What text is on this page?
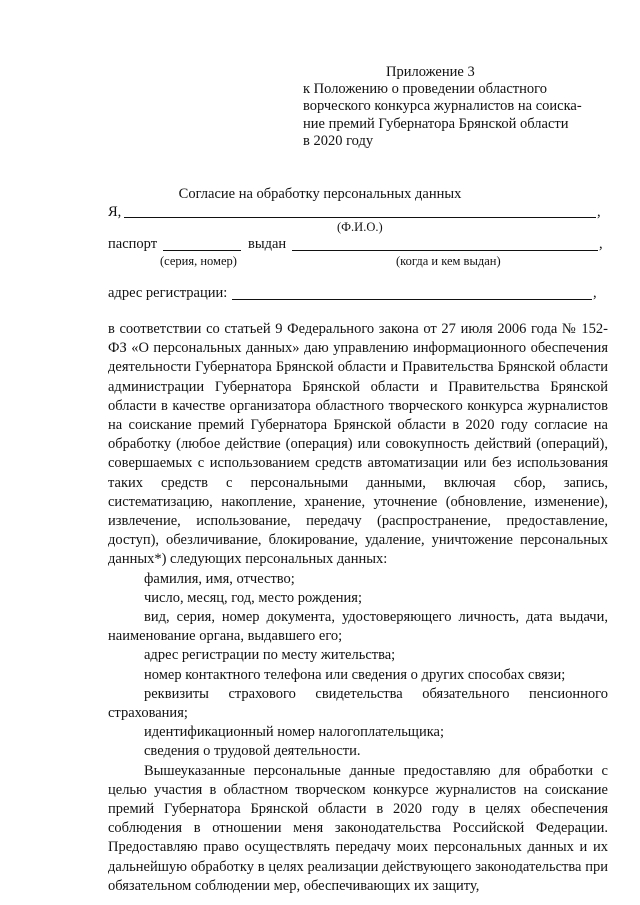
Приложение 3
к Положению о проведении областного
ворческого конкурса журналистов на соиска-
ние премий Губернатора Брянской области
в 2020 году
Согласие на обработку персональных данных
Я,	,
(Ф.И.О.)
паспорт	выдан	,
(серия, номер)	(когда и кем выдан)
адрес регистрации:	,

в соответствии со статьей 9 Федерального закона от 27 июля 2006 года № 152-ФЗ «О персональных данных» даю управлению информационного обеспечения деятельности Губернатора Брянской области и Правительства Брянской области администрации Губернатора Брянской области и Правительства Брянской области в качестве организатора областного творческого конкурса журналистов на соискание премий Губернатора Брянской области в 2020 году согласие на обработку (любое действие (операция) или совокупность действий (операций), совершаемых с использованием средств автоматизации или без использования таких средств с персональными данными, включая сбор, запись, систематизацию, накопление, хранение, уточнение (обновление, изменение), извлечение, использование, передачу (распространение, предоставление, доступ), обезличивание, блокирование, удаление, уничтожение персональных данных*) следующих персональных данных:

фамилия, имя, отчество;
число, месяц, год, место рождения;
вид, серия, номер документа, удостоверяющего личность, дата выдачи, наименование органа, выдавшего его;
адрес регистрации по месту жительства;
номер контактного телефона или сведения о других способах связи;
реквизиты страхового свидетельства обязательного пенсионного страхования;
идентификационный номер налогоплательщика;
сведения о трудовой деятельности.

Вышеуказанные персональные данные предоставляю для обработки с целью участия в областном творческом конкурсе журналистов на соискание премий Губернатора Брянской области в 2020 году в целях обеспечения соблюдения в отношении меня законодательства Российской Федерации. Предоставляю право осуществлять передачу моих персональных данных и их дальнейшую обработку в целях реализации действующего законодательства при обязательном соблюдении мер, обеспечивающих их защиту,
